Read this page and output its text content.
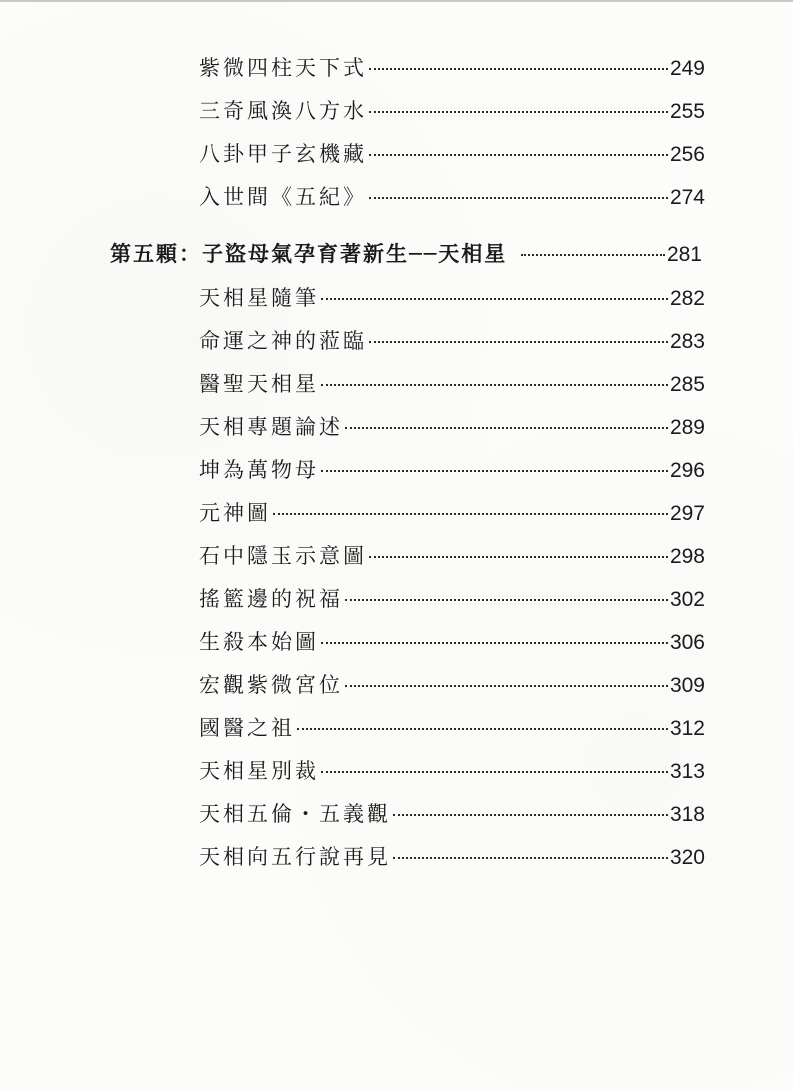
紫微四柱天下式	249
三奇風渙八方水	255
八卦甲子玄機藏	256
入世間《五紀》	274
第五顆：子盜母氣孕育著新生──天相星	281
天相星隨筆	282
命運之神的蒞臨	283
醫聖天相星	285
天相專題論述	289
坤為萬物母	296
元神圖	297
石中隱玉示意圖	298
搖籃邊的祝福	302
生殺本始圖	306
宏觀紫微宮位	309
國醫之祖	312
天相星別裁	313
天相五倫・五義觀	318
天相向五行說再見	320
